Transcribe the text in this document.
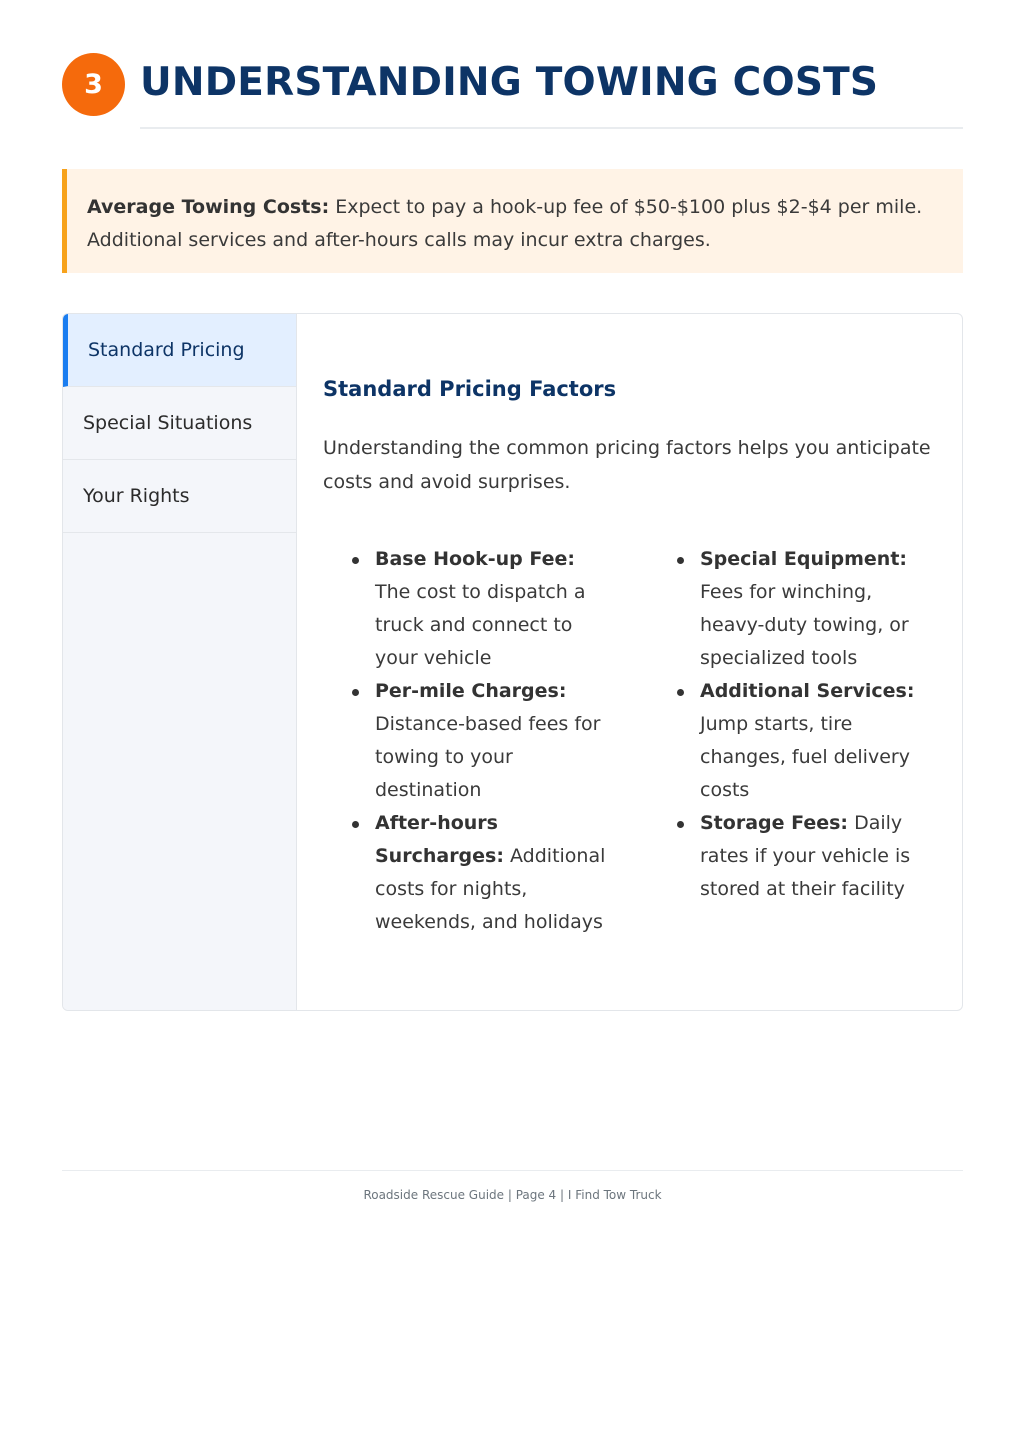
3 UNDERSTANDING TOWING COSTS
Average Towing Costs: Expect to pay a hook-up fee of $50-$100 plus $2-$4 per mile. Additional services and after-hours calls may incur extra charges.
Standard Pricing
Special Situations
Your Rights
Standard Pricing Factors

Understanding the common pricing factors helps you anticipate costs and avoid surprises.

Base Hook-up Fee: The cost to dispatch a truck and connect to your vehicle
Per-mile Charges: Distance-based fees for towing to your destination
After-hours Surcharges: Additional costs for nights, weekends, and holidays
Special Equipment: Fees for winching, heavy-duty towing, or specialized tools
Additional Services: Jump starts, tire changes, fuel delivery costs
Storage Fees: Daily rates if your vehicle is stored at their facility
Roadside Rescue Guide | Page 4 | I Find Tow Truck
